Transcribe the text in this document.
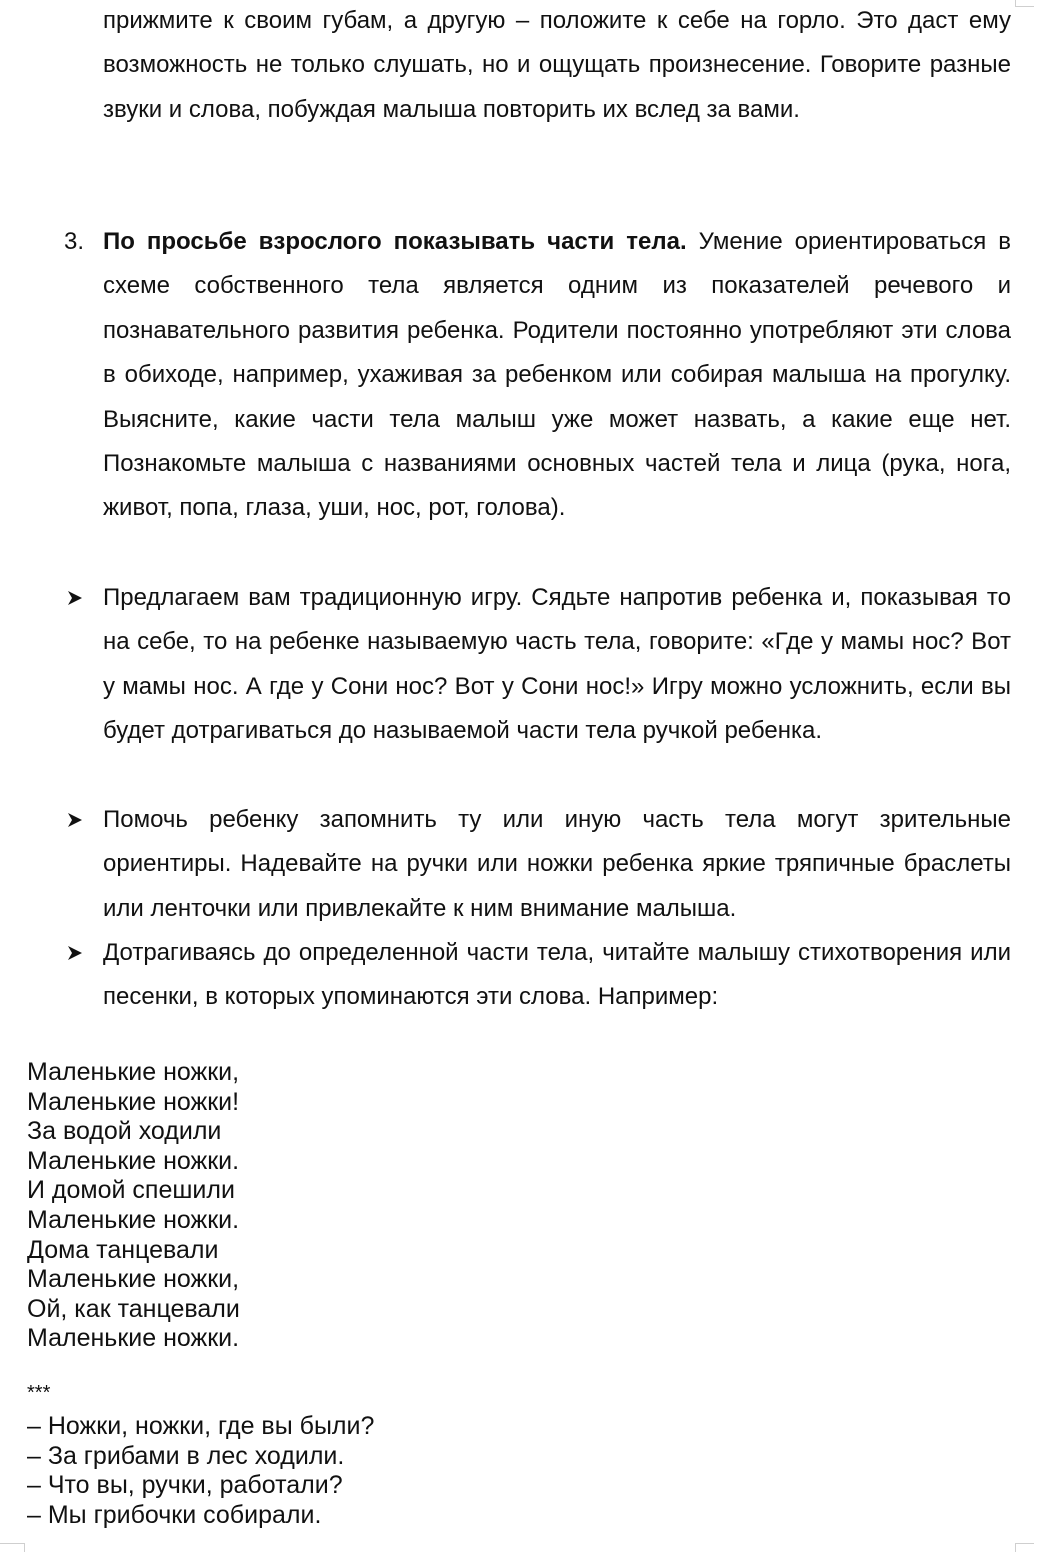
прижмите к своим губам, а другую – положите к себе на горло. Это даст ему возможность не только слушать, но и ощущать произнесение. Говорите разные звуки и слова, побуждая малыша повторить их вслед за вами.

3. По просьбе взрослого показывать части тела. Умение ориентироваться в схеме собственного тела является одним из показателей речевого и познавательного развития ребенка. Родители постоянно употребляют эти слова в обиходе, например, ухаживая за ребенком или собирая малыша на прогулку. Выясните, какие части тела малыш уже может назвать, а какие еще нет. Познакомьте малыша с названиями основных частей тела и лица (рука, нога, живот, попа, глаза, уши, нос, рот, голова).

Предлагаем вам традиционную игру. Сядьте напротив ребенка и, показывая то на себе, то на ребенке называемую часть тела, говорите: «Где у мамы нос? Вот у мамы нос. А где у Сони нос? Вот у Сони нос!» Игру можно усложнить, если вы будет дотрагиваться до называемой части тела ручкой ребенка.

Помочь ребенку запомнить ту или иную часть тела могут зрительные ориентиры. Надевайте на ручки или ножки ребенка яркие тряпичные браслеты или ленточки или привлекайте к ним внимание малыша.

Дотрагиваясь до определенной части тела, читайте малышу стихотворения или песенки, в которых упоминаются эти слова. Например:

Маленькие ножки,
Маленькие ножки!
За водой ходили
Маленькие ножки.
И домой спешили
Маленькие ножки.
Дома танцевали
Маленькие ножки,
Ой, как танцевали
Маленькие ножки.
***
– Ножки, ножки, где вы были?
– За грибами в лес ходили.
– Что вы, ручки, работали?
– Мы грибочки собирали.
